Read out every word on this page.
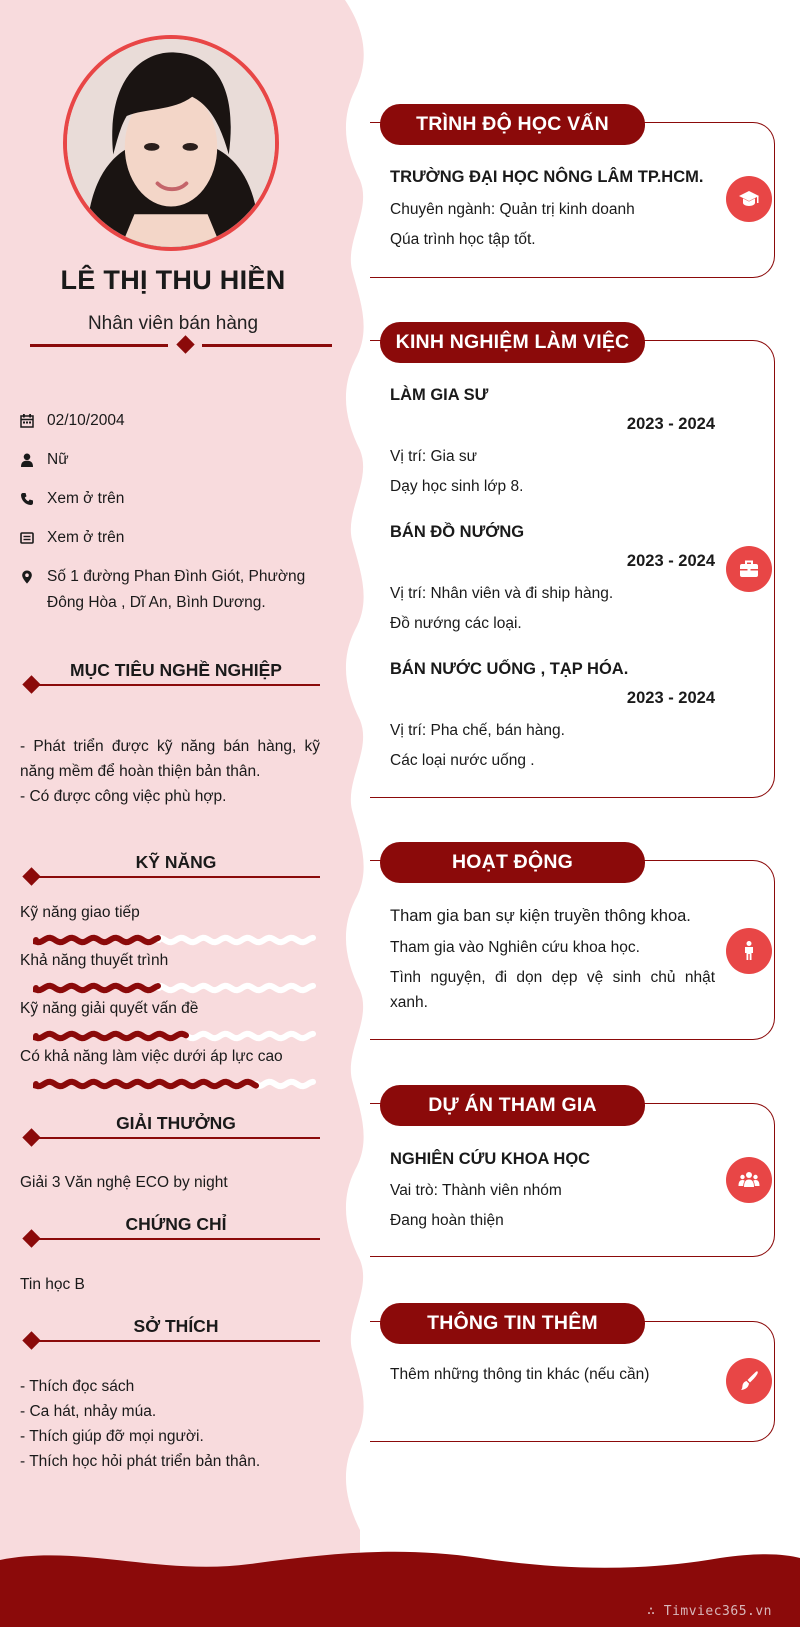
LÊ THỊ THU HIỀN
Nhân viên bán hàng
02/10/2004
Nữ
Xem ở trên
Xem ở trên
Số 1 đường Phan Đình Giót, Phường Đông Hòa , Dĩ An, Bình Dương.
MỤC TIÊU NGHỀ NGHIỆP
- Phát triển được kỹ năng bán hàng, kỹ năng mềm để hoàn thiện bản thân.
- Có được công việc phù hợp.
KỸ NĂNG
Kỹ năng giao tiếp
Khả năng thuyết trình
Kỹ năng giải quyết vấn đề
Có khả năng làm việc dưới áp lực cao
GIẢI THƯỞNG
Giải 3 Văn nghệ ECO by night
CHỨNG CHỈ
Tin học B
SỞ THÍCH
- Thích đọc sách
- Ca hát, nhảy múa.
- Thích giúp đỡ mọi người.
- Thích học hỏi phát triển bản thân.
TRÌNH ĐỘ HỌC VẤN
TRƯỜNG ĐẠI HỌC NÔNG LÂM TP.HCM.
Chuyên ngành: Quản trị kinh doanh
Qúa trình học tập tốt.
KINH NGHIỆM LÀM VIỆC
LÀM GIA SƯ
2023 - 2024
Vị trí: Gia sư
Dạy học sinh lớp 8.
BÁN ĐỒ NƯỚNG
2023 - 2024
Vị trí: Nhân viên và đi ship hàng.
Đồ nướng các loại.
BÁN NƯỚC UỐNG , TẠP HÓA.
2023 - 2024
Vị trí: Pha chế, bán hàng.
Các loại nước uống .
HOẠT ĐỘNG
Tham gia ban sự kiện truyền thông khoa.
Tham gia vào Nghiên cứu khoa học.
Tình nguyện, đi dọn dẹp vệ sinh chủ nhật xanh.
DỰ ÁN THAM GIA
NGHIÊN CỨU KHOA HỌC
Vai trò: Thành viên nhóm
Đang hoàn thiện
THÔNG TIN THÊM
Thêm những thông tin khác (nếu cần)
∴ Timviec365.vn
